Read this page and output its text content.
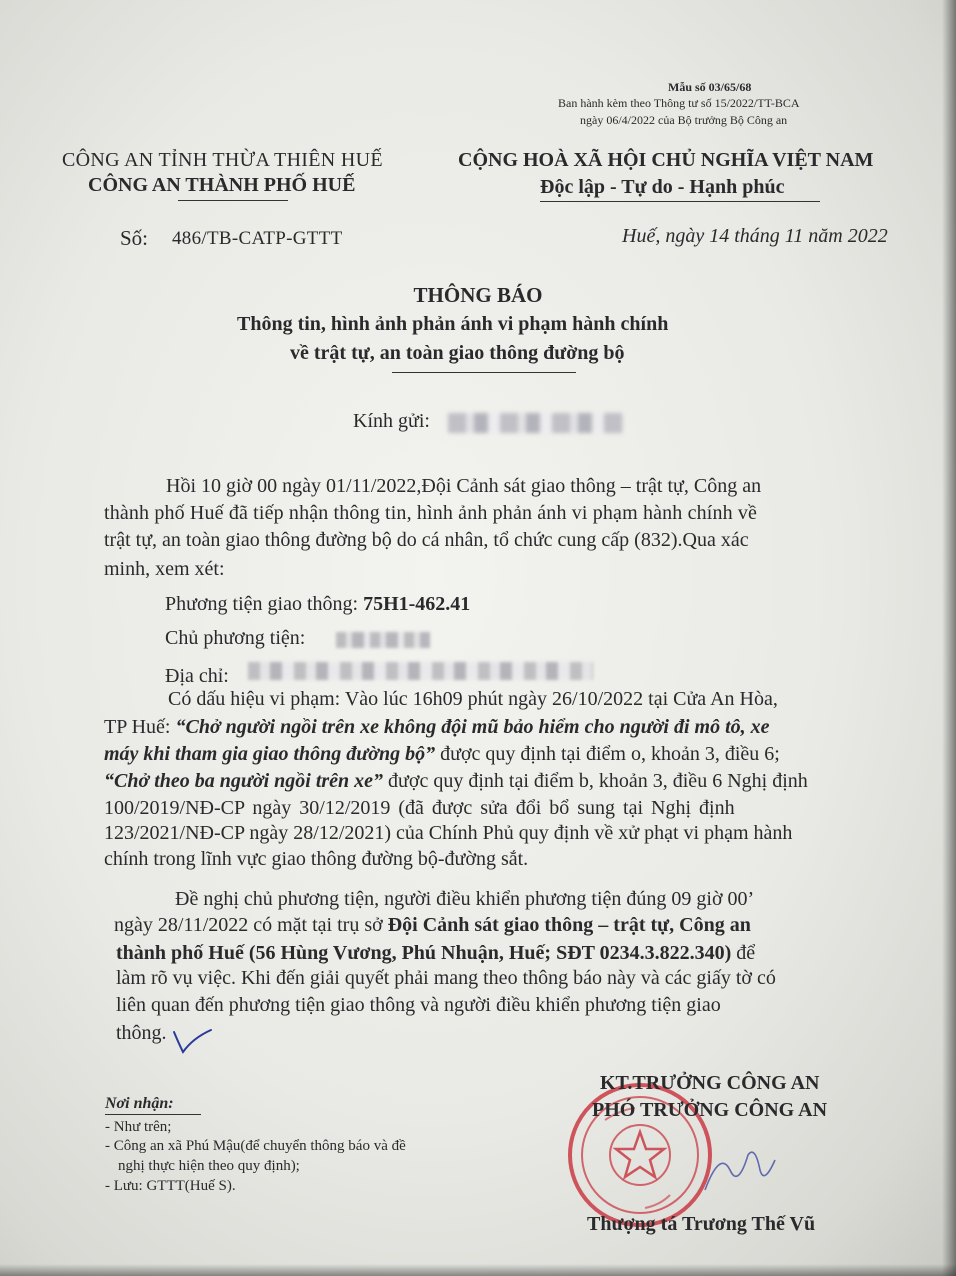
Mẫu số 03/65/68
Ban hành kèm theo Thông tư số 15/2022/TT-BCA
ngày 06/4/2022 của Bộ trưởng Bộ Công an
CÔNG AN TỈNH THỪA THIÊN HUẾ
CÔNG AN THÀNH PHỐ HUẾ
CỘNG HOÀ XÃ HỘI CHỦ NGHĨA VIỆT NAM
Độc lập - Tự do - Hạnh phúc
Số: 486/TB-CATP-GTTT	Huế, ngày 14 tháng 11 năm 2022
THÔNG BÁO
Thông tin, hình ảnh phản ánh vi phạm hành chính
về trật tự, an toàn giao thông đường bộ
Kính gửi:
Hồi 10 giờ 00 ngày 01/11/2022,Đội Cảnh sát giao thông – trật tự, Công an
thành phố Huế đã tiếp nhận thông tin, hình ảnh phản ánh vi phạm hành chính về
trật tự, an toàn giao thông đường bộ do cá nhân, tổ chức cung cấp (832).Qua xác
minh, xem xét:
Phương tiện giao thông: 75H1-462.41
Chủ phương tiện:
Địa chỉ:
Có dấu hiệu vi phạm: Vào lúc 16h09 phút ngày 26/10/2022 tại Cửa An Hòa,
TP Huế: “Chở người ngồi trên xe không đội mũ bảo hiểm cho người đi mô tô, xe
máy khi tham gia giao thông đường bộ” được quy định tại điểm o, khoản 3, điều 6;
“Chở theo ba người ngồi trên xe” được quy định tại điểm b, khoản 3, điều 6 Nghị định
100/2019/NĐ-CP ngày 30/12/2019 (đã được sửa đổi bổ sung tại Nghị định
123/2021/NĐ-CP ngày 28/12/2021) của Chính Phủ quy định về xử phạt vi phạm hành
chính trong lĩnh vực giao thông đường bộ-đường sắt.
Đề nghị chủ phương tiện, người điều khiển phương tiện đúng 09 giờ 00’
ngày 28/11/2022 có mặt tại trụ sở Đội Cảnh sát giao thông – trật tự, Công an
thành phố Huế (56 Hùng Vương, Phú Nhuận, Huế; SĐT 0234.3.822.340) để
làm rõ vụ việc. Khi đến giải quyết phải mang theo thông báo này và các giấy tờ có
liên quan đến phương tiện giao thông và người điều khiển phương tiện giao
thông.
Nơi nhận:
- Như trên;
- Công an xã Phú Mậu(để chuyển thông báo và đề
nghị thực hiện theo quy định);
- Lưu: GTTT(Huế S).
KT.TRƯỞNG CÔNG AN
PHÓ TRƯỞNG CÔNG AN
Thượng tá Trương Thế Vũ
